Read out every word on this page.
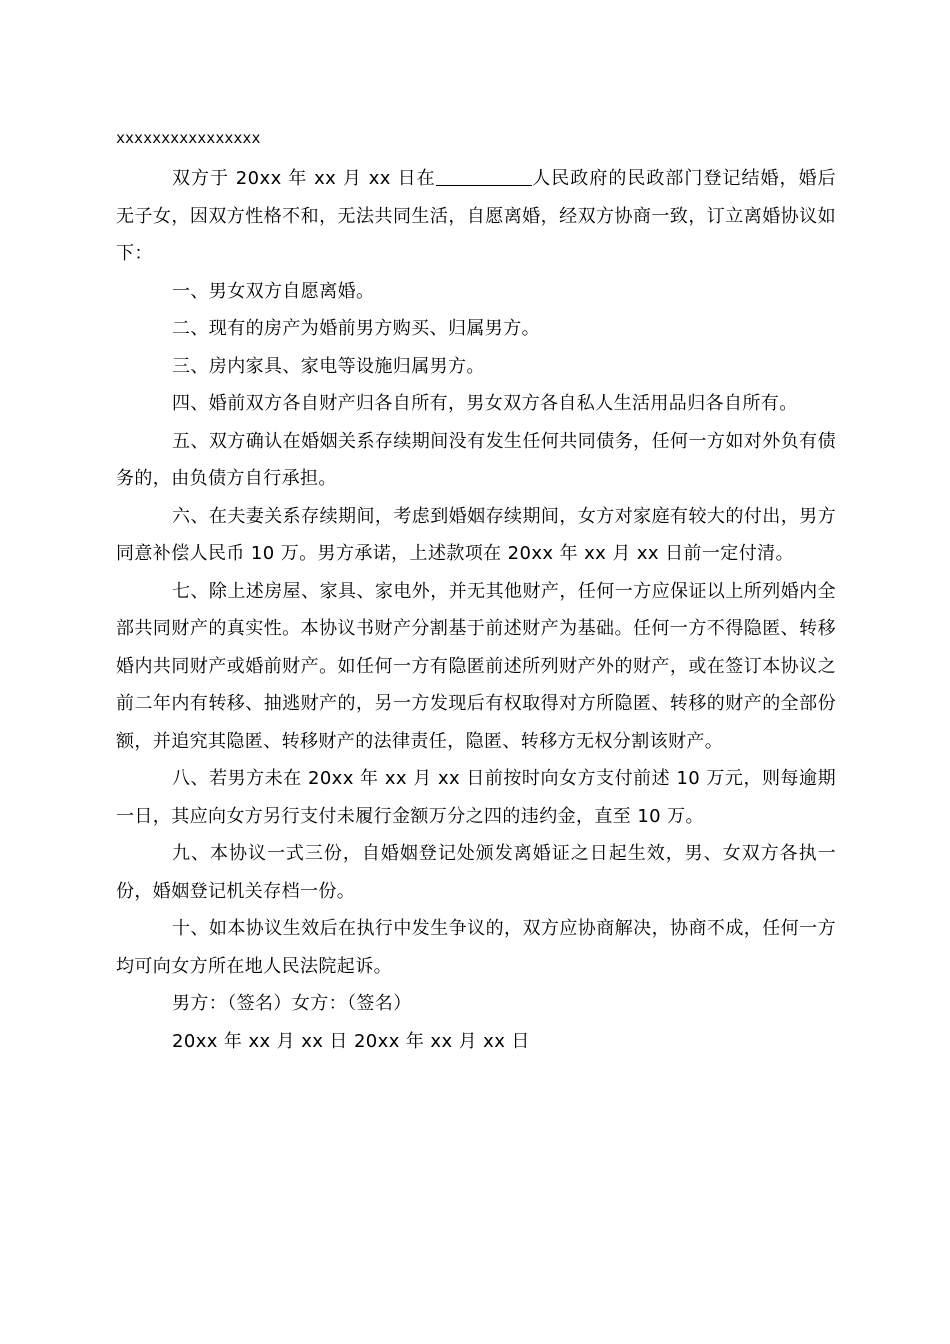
xxxxxxxxxxxxxxxx

双方于 20xx 年 xx 月 xx 日在	人民政府的民政部门登记结婚，婚后无子女，因双方性格不和，无法共同生活，自愿离婚，经双方协商一致，订立离婚协议如下：

一、男女双方自愿离婚。

二、现有的房产为婚前男方购买、归属男方。

三、房内家具、家电等设施归属男方。

四、婚前双方各自财产归各自所有，男女双方各自私人生活用品归各自所有。

五、双方确认在婚姻关系存续期间没有发生任何共同债务，任何一方如对外负有债务的，由负债方自行承担。

六、在夫妻关系存续期间，考虑到婚姻存续期间，女方对家庭有较大的付出，男方同意补偿人民币 10 万。男方承诺，上述款项在 20xx 年 xx 月 xx 日前一定付清。

七、除上述房屋、家具、家电外，并无其他财产，任何一方应保证以上所列婚内全部共同财产的真实性。本协议书财产分割基于前述财产为基础。任何一方不得隐匿、转移婚内共同财产或婚前财产。如任何一方有隐匿前述所列财产外的财产，或在签订本协议之前二年内有转移、抽逃财产的，另一方发现后有权取得对方所隐匿、转移的财产的全部份额，并追究其隐匿、转移财产的法律责任，隐匿、转移方无权分割该财产。

八、若男方未在 20xx 年 xx 月 xx 日前按时向女方支付前述 10 万元，则每逾期一日，其应向女方另行支付未履行金额万分之四的违约金，直至 10 万。

九、本协议一式三份，自婚姻登记处颁发离婚证之日起生效，男、女双方各执一份，婚姻登记机关存档一份。

十、如本协议生效后在执行中发生争议的，双方应协商解决，协商不成，任何一方均可向女方所在地人民法院起诉。

男方：（签名）女方：（签名）

20xx 年 xx 月 xx 日 20xx 年 xx 月 xx 日
